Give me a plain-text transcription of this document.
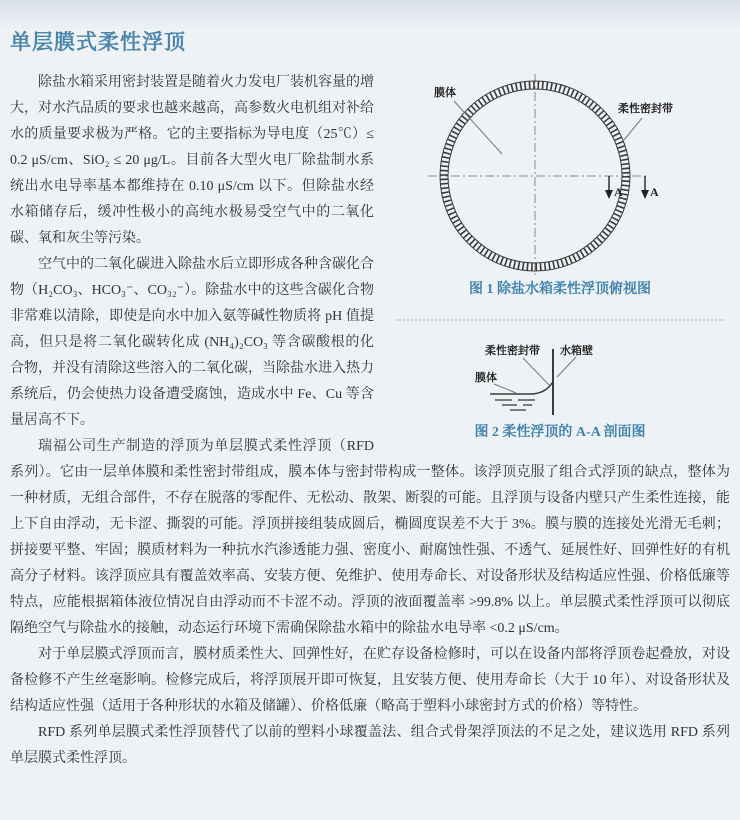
单层膜式柔性浮顶
膜体
柔性密封带
A A
图 1 除盐水箱柔性浮顶俯视图
柔性密封带 水箱壁
膜体
图 2 柔性浮顶的 A-A 剖面图

除盐水箱采用密封装置是随着火力发电厂装机容量的增大，对水汽品质的要求也越来越高，高参数火电机组对补给水的质量要求极为严格。它的主要指标为导电度（25℃）≤ 0.2 μS/cm、SiO₂ ≤ 20 μg/L。目前各大型火电厂除盐制水系统出水电导率基本都维持在 0.10 μS/cm 以下。但除盐水经水箱储存后，缓冲性极小的高纯水极易受空气中的二氧化碳、氧和灰尘等污染。

空气中的二氧化碳进入除盐水后立即形成各种含碳化合物（H₂CO₃、HCO₃⁻、CO₃₂⁻）。除盐水中的这些含碳化合物非常难以清除，即使是向水中加入氨等碱性物质将 pH 值提高，但只是将二氧化碳转化成 (NH₄)₂CO₃ 等含碳酸根的化合物，并没有清除这些溶入的二氧化碳，当除盐水进入热力系统后，仍会使热力设备遭受腐蚀，造成水中 Fe、Cu 等含量居高不下。

瑞福公司生产制造的浮顶为单层膜式柔性浮顶（RFD 系列）。它由一层单体膜和柔性密封带组成，膜本体与密封带构成一整体。该浮顶克服了组合式浮顶的缺点，整体为一种材质，无组合部件，不存在脱落的零配件、无松动、散架、断裂的可能。且浮顶与设备内壁只产生柔性连接，能上下自由浮动，无卡涩、撕裂的可能。浮顶拼接组装成圆后，椭圆度误差不大于 3%。膜与膜的连接处光滑无毛刺；拼接要平整、牢固；膜质材料为一种抗水汽渗透能力强、密度小、耐腐蚀性强、不透气、延展性好、回弹性好的有机高分子材料。该浮顶应具有覆盖效率高、安装方便、免维护、使用寿命长、对设备形状及结构适应性强、价格低廉等特点，应能根据箱体液位情况自由浮动而不卡涩不动。浮顶的液面覆盖率 >99.8% 以上。单层膜式柔性浮顶可以彻底隔绝空气与除盐水的接触，动态运行环境下需确保除盐水箱中的除盐水电导率 <0.2 μS/cm。

对于单层膜式浮顶而言，膜材质柔性大、回弹性好，在贮存设备检修时，可以在设备内部将浮顶卷起叠放，对设备检修不产生丝毫影响。检修完成后，将浮顶展开即可恢复，且安装方便、使用寿命长（大于 10 年）、对设备形状及结构适应性强（适用于各种形状的水箱及储罐）、价格低廉（略高于塑料小球密封方式的价格）等特性。

RFD 系列单层膜式柔性浮顶替代了以前的塑料小球覆盖法、组合式骨架浮顶法的不足之处，建议选用 RFD 系列单层膜式柔性浮顶。
